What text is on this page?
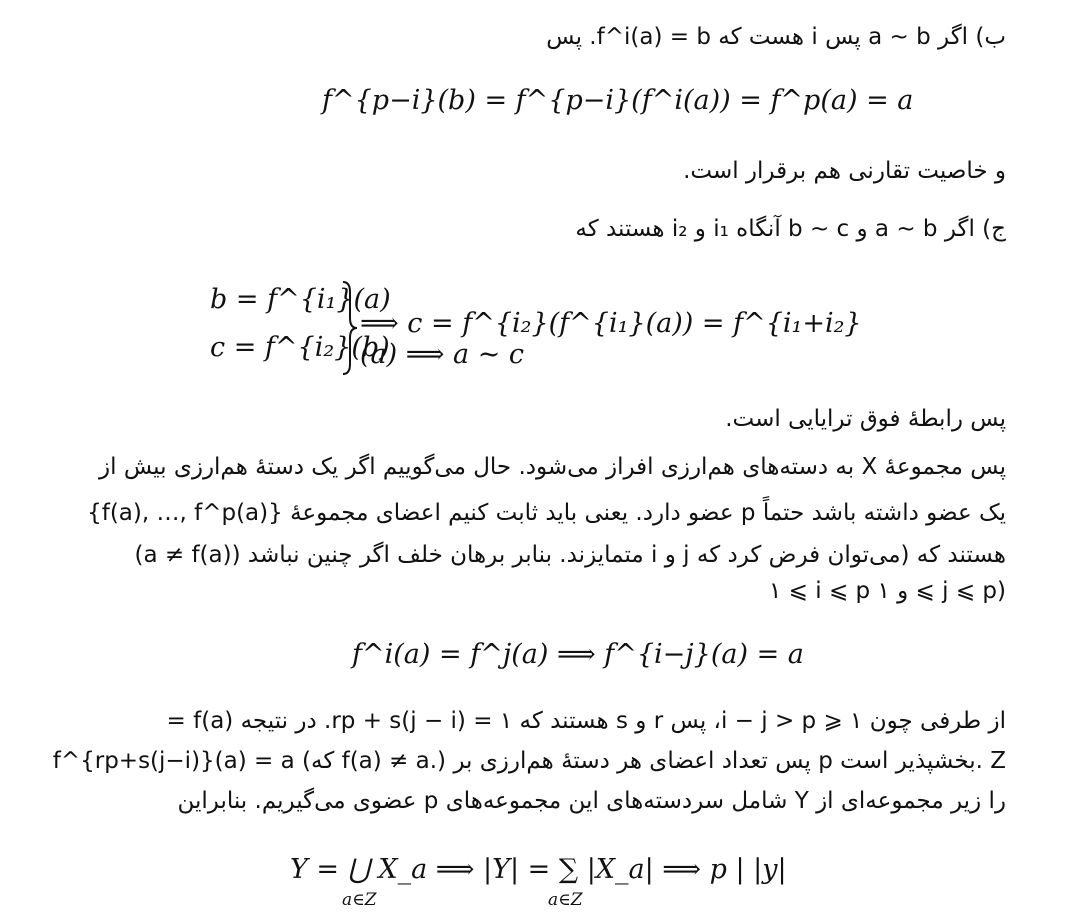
ب) اگر a ~ b پس i هست که f^i(a) = b. پس
f^{p−i}(b) = f^{p−i}(f^i(a)) = f^p(a) = a
و خاصیت تقارنی هم برقرار است.
ج) اگر a ~ b و b ~ c آنگاه i₁ و i₂ هستند که
b = f^{i₁}(a)
c = f^{i₂}(b)
⟹ c = f^{i₂}(f^{i₁}(a)) = f^{i₁+i₂}(a) ⟹ a ~ c
پس رابطهٔ فوق ترایایی است.
پس مجموعهٔ X به دسته‌های هم‌ارزی افراز می‌شود. حال می‌گوییم اگر یک دستهٔ هم‌ارزی بیش از
یک عضو داشته باشد حتماً p عضو دارد. یعنی باید ثابت کنیم اعضای مجموعهٔ {f(a), …, f^p(a)}
(a ≠ f(a)) متمایزند. بنابر برهان خلف اگر چنین نباشد i و j هستند که (می‌توان فرض کرد که
۱ ⩽ i ⩽ p و ۱ ⩽ j ⩽ p)
f^i(a) = f^j(a) ⟹ f^{i−j}(a) = a
از طرفی چون ۱ ⩽ i − j > p، پس r و s هستند که ۱ = rp + s(j − i). در نتیجه f(a) =
f^{rp+s(j−i)}(a) = a (که f(a) ≠ a.) پس تعداد اعضای هر دستهٔ هم‌ارزی بر p بخشپذیر است. Z
را زیر مجموعه‌ای از Y شامل سردسته‌های این مجموعه‌های p عضوی می‌گیریم. بنابراین
Y = ⋃ X_a ⟹ |Y| = ∑ |X_a| ⟹ p | |y|
a∈Z	a∈Z
